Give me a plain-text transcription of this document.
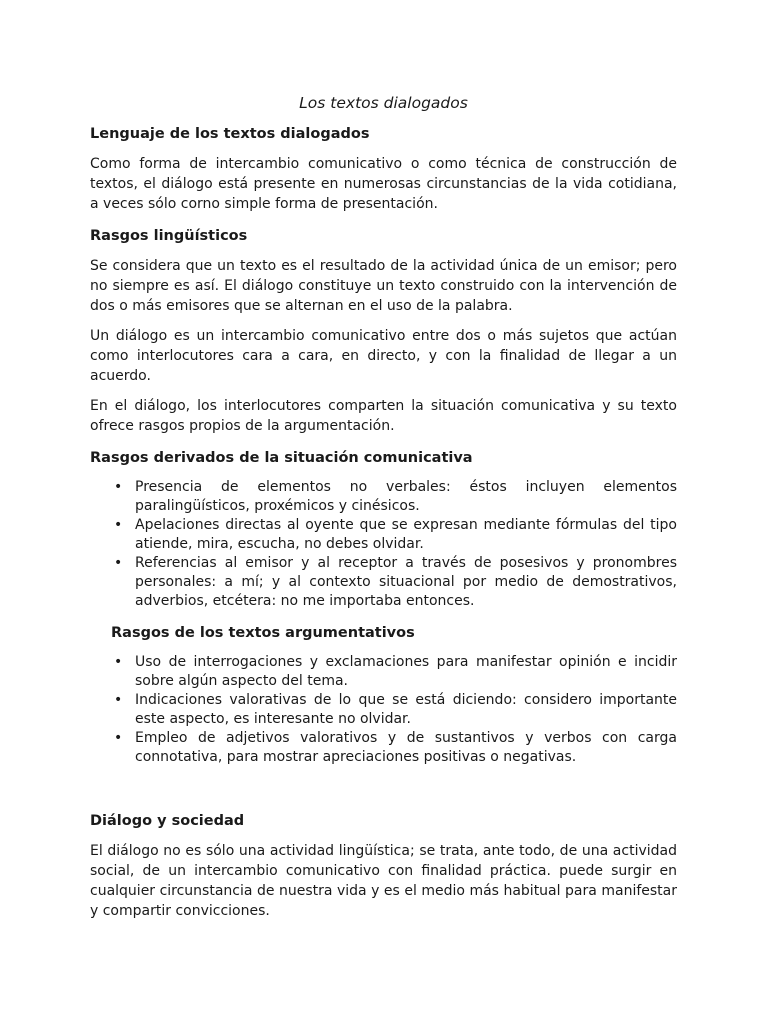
Los textos dialogados
Lenguaje de los textos dialogados

Como forma de intercambio comunicativo o como técnica de construcción de textos, el diálogo está presente en numerosas circunstancias de la vida cotidiana, a veces sólo corno simple forma de presentación.

Rasgos lingüísticos

Se considera que un texto es el resultado de la actividad única de un emisor; pero no siempre es así. El diálogo constituye un texto construido con la intervención de dos o más emisores que se alternan en el uso de la palabra.

Un diálogo es un intercambio comunicativo entre dos o más sujetos que actúan como interlocutores cara a cara, en directo, y con la finalidad de llegar a un acuerdo.

En el diálogo, los interlocutores comparten la situación comunicativa y su texto ofrece rasgos propios de la argumentación.

Rasgos derivados de la situación comunicativa
• Presencia de elementos no verbales: éstos incluyen elementos paralingüísticos, proxémicos y cinésicos.
• Apelaciones directas al oyente que se expresan mediante fórmulas del tipo atiende, mira, escucha, no debes olvidar.
• Referencias al emisor y al receptor a través de posesivos y pronombres personales: a mí; y al contexto situacional por medio de demostrativos, adverbios, etcétera: no me importaba entonces.
Rasgos de los textos argumentativos
• Uso de interrogaciones y exclamaciones para manifestar opinión e incidir sobre algún aspecto del tema.
• Indicaciones valorativas de lo que se está diciendo: considero importante este aspecto, es interesante no olvidar.
• Empleo de adjetivos valorativos y de sustantivos y verbos con carga connotativa, para mostrar apreciaciones positivas o negativas.
Diálogo y sociedad

El diálogo no es sólo una actividad lingüística; se trata, ante todo, de una actividad social, de un intercambio comunicativo con finalidad práctica. puede surgir en cualquier circunstancia de nuestra vida y es el medio más habitual para manifestar y compartir convicciones.
